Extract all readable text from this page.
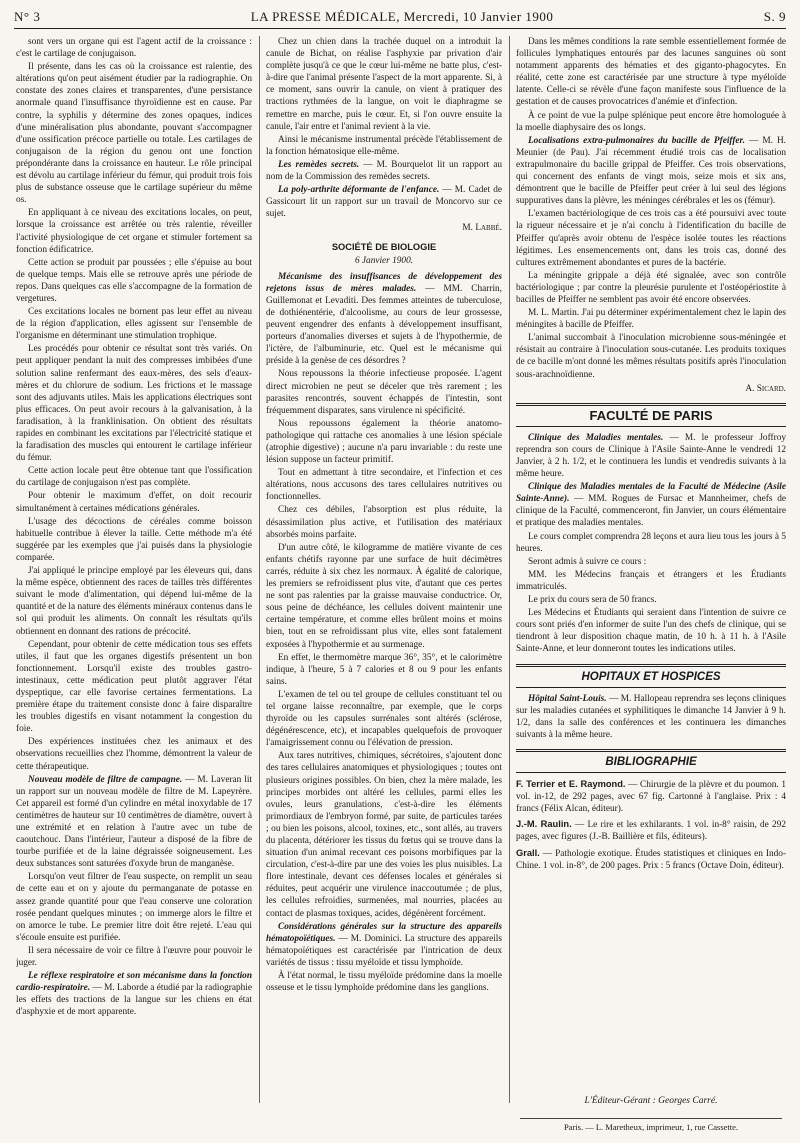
N° 3	LA PRESSE MÉDICALE, Mercredi, 10 Janvier 1900	S. 9

sont vers un organe qui est l'agent actif de la croissance : c'est le cartilage de conjugaison.

Il présente, dans les cas où la croissance est ralentie, des altérations qu'on peut aisément étudier par la radiographie. On constate des zones claires et transparentes, d'une persistance anormale quand l'insuffisance thyroïdienne est en cause. Par contre, la syphilis y détermine des zones opaques, indices d'une minéralisation plus abondante, pouvant s'accompagner d'une ossification précoce partielle ou totale. Les cartilages de conjugaison de la région du genou ont une fonction prépondérante dans la croissance en hauteur. Le rôle principal est dévolu au cartilage inférieur du fémur, qui produit trois fois plus de substance osseuse que le cartilage supérieur du même os.

En appliquant à ce niveau des excitations locales, on peut, lorsque la croissance est arrêtée ou très ralentie, réveiller l'activité physiologique de cet organe et stimuler fortement sa fonction édificatrice.

Cette action se produit par poussées ; elle s'épuise au bout de quelque temps. Mais elle se retrouve après une période de repos. Dans quelques cas elle s'accompagne de la formation de vergetures.

Ces excitations locales ne bornent pas leur effet au niveau de la région d'application, elles agissent sur l'ensemble de l'organisme en déterminant une stimulation trophique.

Les procédés pour obtenir ce résultat sont très variés. On peut appliquer pendant la nuit des compresses imbibées d'une solution saline renfermant des eaux-mères, des sels d'eaux-mères et du chlorure de sodium. Les frictions et le massage sont des adjuvants utiles. Mais les applications électriques sont plus efficaces. On peut avoir recours à la galvanisation, à la faradisation, à la franklinisation. On obtient des résultats rapides en combinant les excitations par l'électricité statique et la faradisation des muscles qui entourent le cartilage inférieur du fémur.

Cette action locale peut être obtenue tant que l'ossification du cartilage de conjugaison n'est pas complète.

Pour obtenir le maximum d'effet, on doit recourir simultanément à certaines médications générales.

L'usage des décoctions de céréales comme boisson habituelle contribue à élever la taille. Cette méthode m'a été suggérée par les exemples que j'ai puisés dans la physiologie comparée.

J'ai appliqué le principe employé par les éleveurs qui, dans la même espèce, obtiennent des races de tailles très différentes suivant le mode d'alimentation, qui dépend lui-même de la quantité et de la nature des éléments minéraux contenus dans le sol qui produit les aliments. On connaît les résultats qu'ils obtiennent en donnant des rations de précocité.

Cependant, pour obtenir de cette médication tous ses effets utiles, il faut que les organes digestifs présentent un bon fonctionnement. Lorsqu'il existe des troubles gastro-intestinaux, cette médication peut plutôt aggraver l'état dyspeptique, car elle favorise certaines fermentations. La première étape du traitement consiste donc à faire disparaître les troubles digestifs en visant notamment la congestion du foie.

Des expériences instituées chez les animaux et des observations recueillies chez l'homme, démontrent la valeur de cette thérapeutique.

Nouveau modèle de filtre de campagne. — M. Laveran lit un rapport sur un nouveau modèle de filtre de M. Lapeyrère. Cet appareil est formé d'un cylindre en métal inoxydable de 17 centimètres de hauteur sur 10 centimètres de diamètre, ouvert à une extrémité et en relation à l'autre avec un tube de caoutchouc. Dans l'intérieur, l'auteur a disposé de la fibre de tourbe purifiée et de la laine dégraissée soigneusement. Les deux substances sont saturées d'oxyde brun de manganèse.

Lorsqu'on veut filtrer de l'eau suspecte, on remplit un seau de cette eau et on y ajoute du permanganate de potasse en assez grande quantité pour que l'eau conserve une coloration rosée pendant quelques minutes ; on immerge alors le filtre et on amorce le tube. Le premier litre doit être rejeté. L'eau qui s'écoule ensuite est purifiée.

Il sera nécessaire de voir ce filtre à l'œuvre pour pouvoir le juger.

Le réflexe respiratoire et son mécanisme dans la fonction cardio-respiratoire. — M. Laborde a étudié par la radiographie les effets des tractions de la langue sur les chiens en état d'asphyxie et de mort apparente.

Chez un chien dans la trachée duquel on a introduit la canule de Bichat, on réalise l'asphyxie par privation d'air complète jusqu'à ce que le cœur lui-même ne batte plus, c'est-à-dire que l'animal présente l'aspect de la mort apparente. Si, à ce moment, sans ouvrir la canule, on vient à pratiquer des tractions rythmées de la langue, on voit le diaphragme se remettre en marche, puis le cœur. Et, si l'on ouvre ensuite la canule, l'air entre et l'animal revient à la vie.

Ainsi le mécanisme instrumental précède l'établissement de la fonction hématosique elle-même.

Les remèdes secrets. — M. Bourquelot lit un rapport au nom de la Commission des remèdes secrets.

La poly-arthrite déformante de l'enfance. — M. Cadet de Gassicourt lit un rapport sur un travail de Moncorvo sur ce sujet.

M. Labbé.

SOCIÉTÉ DE BIOLOGIE

6 Janvier 1900.

Mécanisme des insuffisances de développement des rejetons issus de mères malades. — MM. Charrin, Guillemonat et Levaditi. Des femmes atteintes de tuberculose, de dothiénentérie, d'alcoolisme, au cours de leur grossesse, peuvent engendrer des enfants à développement insuffisant, porteurs d'anomalies diverses et sujets à de l'hypothermie, de l'ictère, de l'albuminurie, etc. Quel est le mécanisme qui préside à la genèse de ces désordres ?

Nous repoussons la théorie infectieuse proposée. L'agent direct microbien ne peut se déceler que très rarement ; les parasites rencontrés, souvent échappés de l'intestin, sont fréquemment disparates, sans virulence ni spécificité.

Nous repoussons également la théorie anatomo-pathologique qui rattache ces anomalies à une lésion spéciale (atrophie digestive) ; aucune n'a paru invariable : du reste une lésion suppose un facteur primitif.

Tout en admettant à titre secondaire, et l'infection et ces altérations, nous accusons des tares cellulaires nutritives ou fonctionnelles.

Chez ces débiles, l'absorption est plus réduite, la désassimilation plus active, et l'utilisation des matériaux absorbés moins parfaite.

D'un autre côté, le kilogramme de matière vivante de ces enfants chétifs rayonne par une surface de huit décimètres carrés, réduite à six chez les normaux. À égalité de calorique, les premiers se refroidissent plus vite, d'autant que ces pertes ne sont pas ralenties par la graisse mauvaise conductrice. Or, sous peine de déchéance, les cellules doivent maintenir une certaine température, et comme elles brûlent moins et moins bien, tout en se refroidissant plus vite, elles sont fatalement exposées à l'hypothermie et au surmenage.

En effet, le thermomètre marque 36°, 35°, et le calorimètre indique, à l'heure, 5 à 7 calories et 8 ou 9 pour les enfants sains.

L'examen de tel ou tel groupe de cellules constituant tel ou tel organe laisse reconnaître, par exemple, que le corps thyroïde ou les capsules surrénales sont altérés (sclérose, dégénérescence, etc), et incapables quelquefois de provoquer l'amaigrissement connu ou l'élévation de pression.

Aux tares nutritives, chimiques, sécrétoires, s'ajoutent donc des tares cellulaires anatomiques et physiologiques ; toutes ont plusieurs origines possibles. On bien, chez la mère malade, les principes morbides ont altéré les cellules, parmi elles les ovules, leurs granulations, c'est-à-dire les éléments primordiaux de l'embryon formé, par suite, de particules tarées ; ou bien les poisons, alcool, toxines, etc., sont allés, au travers du placenta, détériorer les tissus du fœtus qui se trouve dans la situation d'un animal recevant ces poisons morbifiques par la circulation, c'est-à-dire par une des voies les plus nuisibles. La flore intestinale, devant ces défenses locales et générales si réduites, peut acquérir une virulence inaccoutumée ; de plus, les cellules refroidies, surmenées, mal nourries, placées au contact de plasmas toxiques, acides, dégénèrent forcément.

Considérations générales sur la structure des appareils hématopoïétiques. — M. Dominici. La structure des appareils hématopoïétiques est caractérisée par l'intrication de deux variétés de tissus : tissu myéloïde et tissu lymphoïde.

À l'état normal, le tissu myéloïde prédomine dans la moelle osseuse et le tissu lymphoïde prédomine dans les ganglions.

Dans les mêmes conditions la rate semble essentiellement formée de follicules lymphatiques entourés par des lacunes sanguines où sont notamment apparents des hématies et des giganto-phagocytes. En réalité, cette zone est caractérisée par une structure à type myéloïde latente. Celle-ci se révèle d'une façon manifeste sous l'influence de la gestation et de causes provocatrices d'anémie et d'infection.

À ce point de vue la pulpe splénique peut encore être homologuée à la moelle diaphysaire des os longs.

Localisations extra-pulmonaires du bacille de Pfeiffer. — M. H. Meunier (de Pau). J'ai récemment étudié trois cas de localisation extrapulmonaire du bacille grippal de Pfeiffer. Ces trois observations, qui concernent des enfants de vingt mois, seize mois et six ans, démontrent que le bacille de Pfeiffer peut créer à lui seul des légions suppuratives dans la plèvre, les méninges cérébrales et les os (fémur).

L'examen bactériologique de ces trois cas a été poursuivi avec toute la rigueur nécessaire et je n'ai conclu à l'identification du bacille de Pfeiffer qu'après avoir obtenu de l'espèce isolée toutes les réactions légitimes. Les ensemencements ont, dans les trois cas, donné des cultures extrêmement abondantes et pures de la bactérie.

La méningite grippale a déjà été signalée, avec son contrôle bactériologique ; par contre la pleurésie purulente et l'ostéopériostite à bacilles de Pfeiffer ne semblent pas avoir été encore observées.

M. L. Martin. J'ai pu déterminer expérimentalement chez le lapin des méningites à bacille de Pfeiffer.

L'animal succombait à l'inoculation microbienne sous-méningée et résistait au contraire à l'inoculation sous-cutanée. Les produits toxiques de ce bacille m'ont donné les mêmes résultats positifs après l'inoculation sous-arachnoïdienne.

A. Sicard.

FACULTÉ DE PARIS

Clinique des Maladies mentales. — M. le professeur Joffroy reprendra son cours de Clinique à l'Asile Sainte-Anne le vendredi 12 Janvier, à 2 h. 1/2, et le continuera les lundis et vendredis suivants à la même heure.

Clinique des Maladies mentales de la Faculté de Médecine (Asile Sainte-Anne). — MM. Rogues de Fursac et Mannheimer, chefs de clinique de la Faculté, commenceront, fin Janvier, un cours élémentaire et pratique des maladies mentales.

Le cours complet comprendra 28 leçons et aura lieu tous les jours à 5 heures.

Seront admis à suivre ce cours :

MM. les Médecins français et étrangers et les Étudiants immatriculés.

Le prix du cours sera de 50 francs.

Les Médecins et Étudiants qui seraient dans l'intention de suivre ce cours sont priés d'en informer de suite l'un des chefs de clinique, qui se tiendront à leur disposition chaque matin, de 10 h. à 11 h. à l'Asile Sainte-Anne, et leur donneront toutes les indications utiles.

HOPITAUX ET HOSPICES

Hôpital Saint-Louis. — M. Hallopeau reprendra ses leçons cliniques sur les maladies cutanées et syphilitiques le dimanche 14 Janvier à 9 h. 1/2, dans la salle des conférences et les continuera les dimanches suivants à la même heure.

BIBLIOGRAPHIE

F. Terrier et E. Raymond. — Chirurgie de la plèvre et du poumon. 1 vol. in-12, de 292 pages, avec 67 fig. Cartonné à l'anglaise. Prix : 4 francs (Félix Alcan, éditeur).

J.-M. Raulin. — Le rire et les exhilarants. 1 vol. in-8° raisin, de 292 pages, avec figures (J.-B. Baillière et fils, éditeurs).

Grall. — Pathologie exotique. Études statistiques et cliniques en Indo-Chine. 1 vol. in-8°, de 200 pages. Prix : 5 francs (Octave Doin, éditeur).

L'Éditeur-Gérant : Georges Carré.
Paris. — L. Maretheux, imprimeur, 1, rue Cassette.
